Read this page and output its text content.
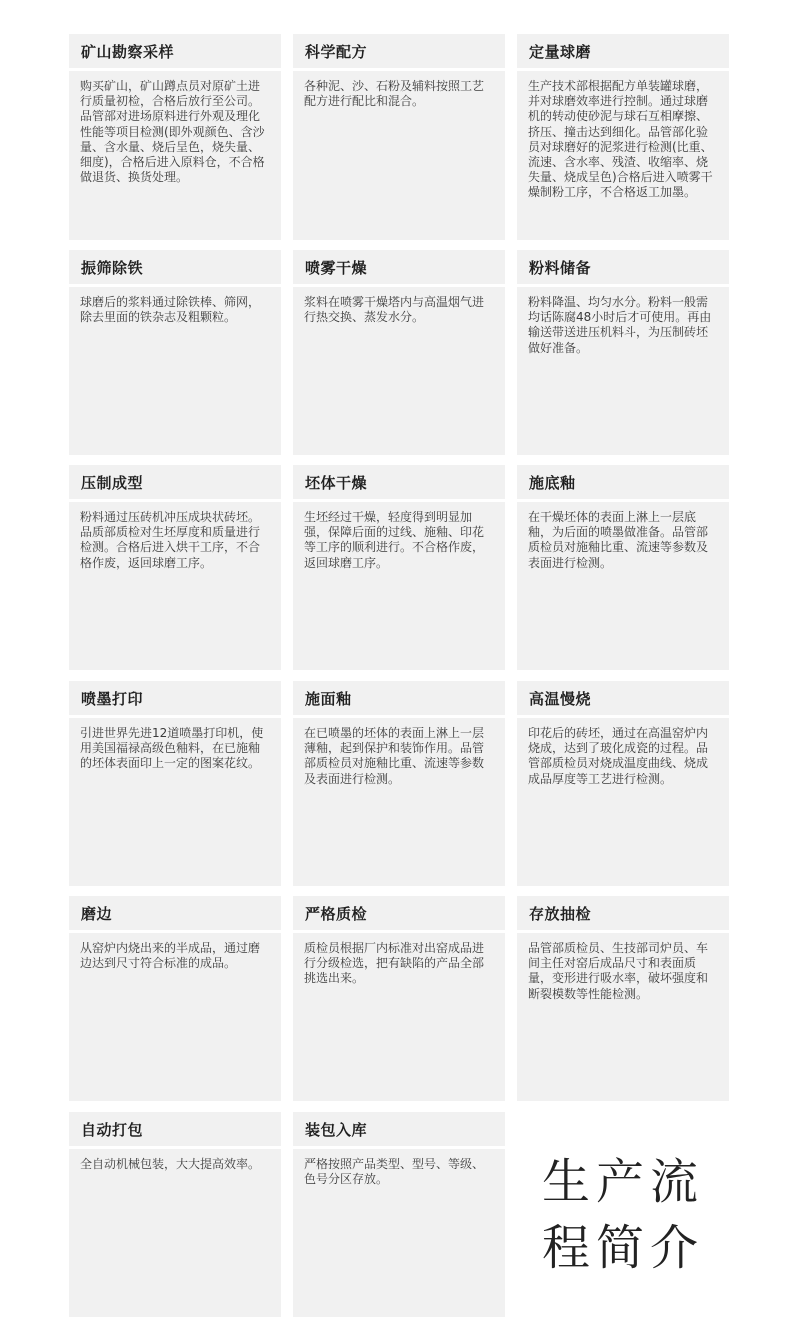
矿山勘察采样
购买矿山，矿山蹲点员对原矿土进行质量初检，合格后放行至公司。品管部对进场原料进行外观及理化性能等项目检测(即外观颜色、含沙量、含水量、烧后呈色，烧失量、细度)，合格后进入原料仓，不合格做退货、换货处理。
科学配方
各种泥、沙、石粉及辅料按照工艺配方进行配比和混合。
定量球磨
生产技术部根据配方单装罐球磨，并对球磨效率进行控制。通过球磨机的转动使砂泥与球石互相摩擦、挤压、撞击达到细化。品管部化验员对球磨好的泥浆进行检测(比重、流速、含水率、残渣、收缩率、烧失量、烧成呈色)合格后进入喷雾干燥制粉工序，不合格返工加墨。
振筛除铁
球磨后的浆料通过除铁棒、筛网，除去里面的铁杂志及粗颗粒。
喷雾干燥
浆料在喷雾干燥塔内与高温烟气进行热交换、蒸发水分。
粉料储备
粉料降温、均匀水分。粉料一般需均话陈腐48小时后才可使用。再由输送带送进压机料斗，为压制砖坯做好准备。
压制成型
粉料通过压砖机冲压成块状砖坯。品质部质检对生坯厚度和质量进行检测。合格后进入烘干工序，不合格作废，返回球磨工序。
坯体干燥
生坯经过干燥，轻度得到明显加强，保障后面的过线、施釉、印花等工序的顺利进行。不合格作废，返回球磨工序。
施底釉
在干燥坯体的表面上淋上一层底釉，为后面的喷墨做准备。品管部质检员对施釉比重、流速等参数及表面进行检测。
喷墨打印
引进世界先进12道喷墨打印机，使用美国福禄高级色釉料，在已施釉的坯体表面印上一定的图案花纹。
施面釉
在已喷墨的坯体的表面上淋上一层薄釉，起到保护和装饰作用。品管部质检员对施釉比重、流速等参数及表面进行检测。
高温慢烧
印花后的砖坯，通过在高温窑炉内烧成，达到了玻化成瓷的过程。品管部质检员对烧成温度曲线、烧成成品厚度等工艺进行检测。
磨边
从窑炉内烧出来的半成品，通过磨边达到尺寸符合标准的成品。
严格质检
质检员根据厂内标准对出窑成品进行分级检选，把有缺陷的产品全部挑选出来。
存放抽检
品管部质检员、生技部司炉员、车间主任对窑后成品尺寸和表面质量，变形进行吸水率，破坏强度和断裂模数等性能检测。
自动打包
全自动机械包装，大大提高效率。
装包入库
严格按照产品类型、型号、等级、色号分区存放。	生产流
程简介
